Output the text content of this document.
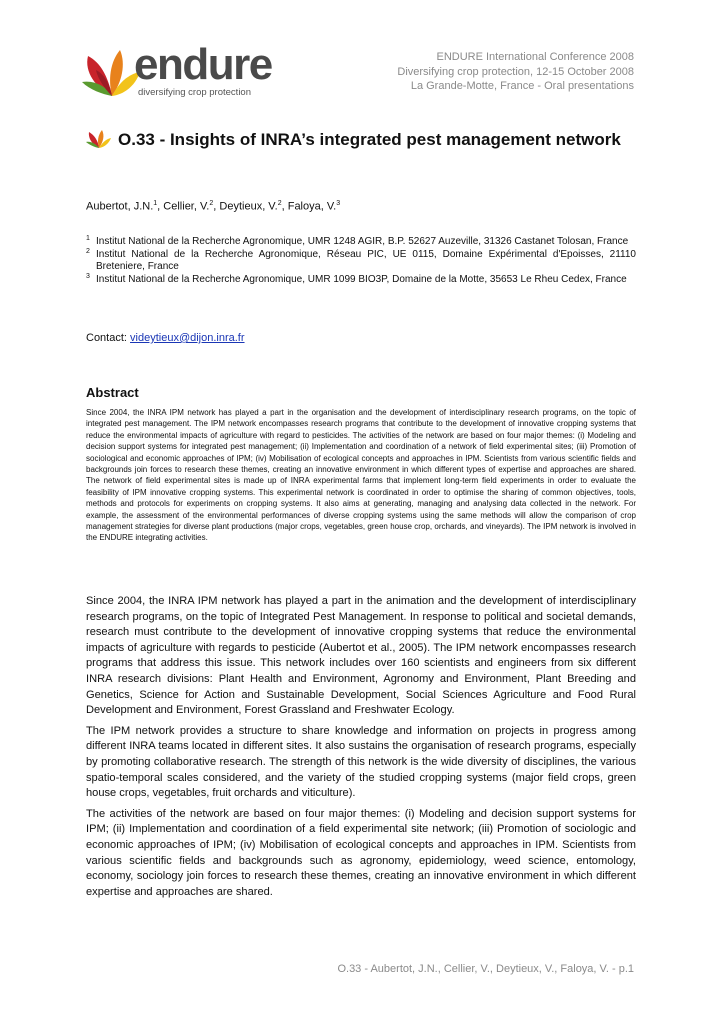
ENDURE International Conference 2008
Diversifying crop protection, 12-15 October 2008
La Grande-Motte, France - Oral presentations
endure
diversifying crop protection
O.33 - Insights of INRA’s integrated pest management network
Aubertot, J.N.$^1$, Cellier, V.$^2$, Deytieux, V.$^2$, Faloya, V.$^3$
1 Institut National de la Recherche Agronomique, UMR 1248 AGIR, B.P. 52627 Auzeville, 31326 Castanet Tolosan, France
2 Institut National de la Recherche Agronomique, Réseau PIC, UE 0115, Domaine Expérimental d'Epoisses, 21110 Breteniere, France
3 Institut National de la Recherche Agronomique, UMR 1099 BIO3P, Domaine de la Motte, 35653 Le Rheu Cedex, France
Contact: videytieux@dijon.inra.fr
Abstract

Since 2004, the INRA IPM network has played a part in the organisation and the development of interdisciplinary research programs, on the topic of integrated pest management. The IPM network encompasses research programs that contribute to the development of innovative cropping systems that reduce the environmental impacts of agriculture with regard to pesticides. The activities of the network are based on four major themes: (i) Modeling and decision support systems for integrated pest management; (ii) Implementation and coordination of a network of field experimental sites; (iii) Promotion of sociological and economic approaches of IPM; (iv) Mobilisation of ecological concepts and approaches in IPM. Scientists from various scientific fields and backgrounds join forces to research these themes, creating an innovative environment in which different types of expertise and approaches are shared. The network of field experimental sites is made up of INRA experimental farms that implement long-term field experiments in order to evaluate the feasibility of IPM innovative cropping systems. This experimental network is coordinated in order to optimise the sharing of common objectives, tools, methods and protocols for experiments on cropping systems. It also aims at generating, managing and analysing data collected in the network. For example, the assessment of the environmental performances of diverse cropping systems using the same methods will allow the comparison of crop management strategies for diverse plant productions (major crops, vegetables, green house crop, orchards, and vineyards). The IPM network is involved in the ENDURE integrating activities.

Since 2004, the INRA IPM network has played a part in the animation and the development of interdisciplinary research programs, on the topic of Integrated Pest Management. In response to political and societal demands, research must contribute to the development of innovative cropping systems that reduce the environmental impacts of agriculture with regards to pesticide (Aubertot et al., 2005). The IPM network encompasses research programs that address this issue. This network includes over 160 scientists and engineers from six different INRA research divisions: Plant Health and Environment, Agronomy and Environment, Plant Breeding and Genetics, Science for Action and Sustainable Development, Social Sciences Agriculture and Food Rural Development and Environment, Forest Grassland and Freshwater Ecology.

The IPM network provides a structure to share knowledge and information on projects in progress among different INRA teams located in different sites. It also sustains the organisation of research programs, especially by promoting collaborative research. The strength of this network is the wide diversity of disciplines, the various spatio-temporal scales considered, and the variety of the studied cropping systems (major field crops, green house crops, vegetables, fruit orchards and viticulture).

The activities of the network are based on four major themes: (i) Modeling and decision support systems for IPM; (ii) Implementation and coordination of a field experimental site network; (iii) Promotion of sociologic and economic approaches of IPM; (iv) Mobilisation of ecological concepts and approaches in IPM. Scientists from various scientific fields and backgrounds such as agronomy, epidemiology, weed science, entomology, economy, sociology join forces to research these themes, creating an innovative environment in which different expertise and approaches are shared.

O.33 - Aubertot, J.N., Cellier, V., Deytieux, V., Faloya, V. - p.1
